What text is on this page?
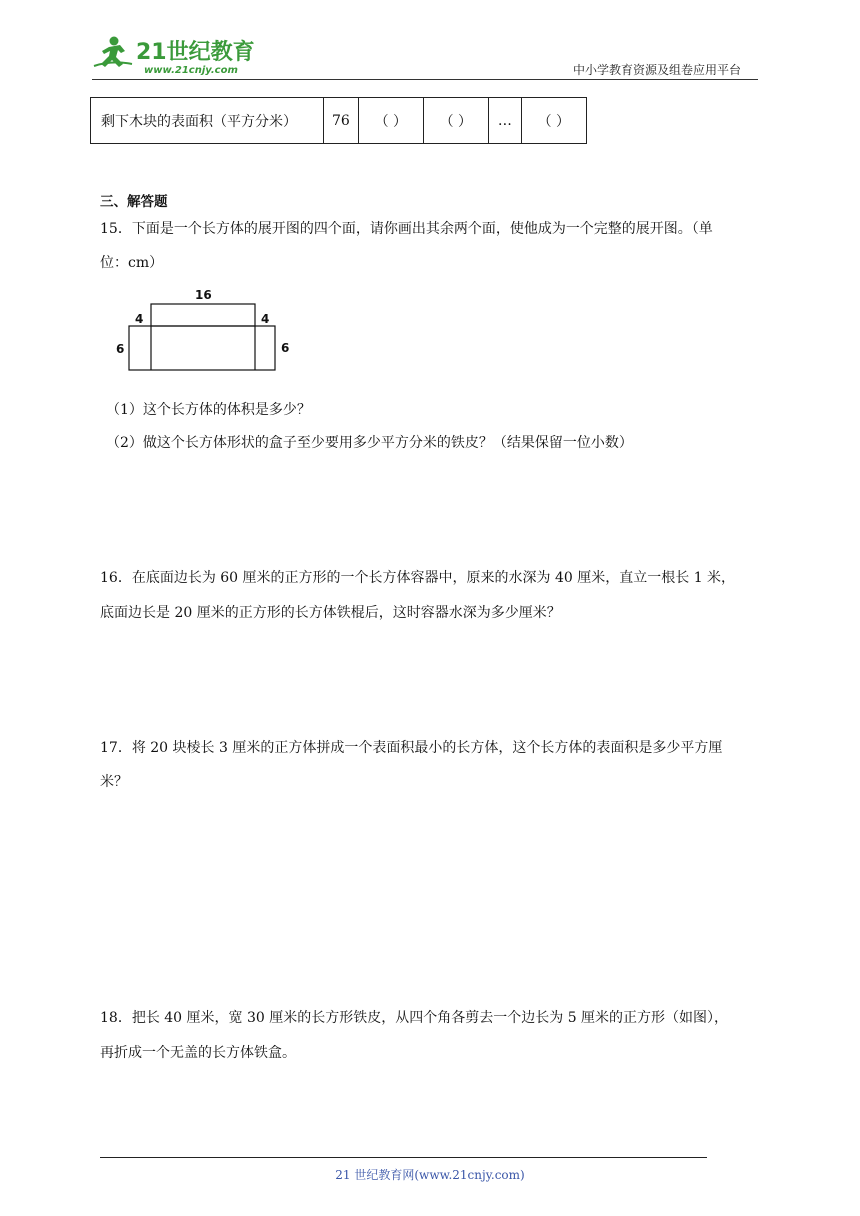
21世纪教育
www.21cnjy.com	中小学教育资源及组卷应用平台
剩下木块的表面积（平方分米）	76	（ ）	（ ）	…	（ ）
三、解答题
15．下面是一个长方体的展开图的四个面，请你画出其余两个面，使他成为一个完整的展开图。（单
位：cm）
16
4	4
6	6
（1）这个长方体的体积是多少？
（2）做这个长方体形状的盒子至少要用多少平方分米的铁皮？（结果保留一位小数）
16．在底面边长为 60 厘米的正方形的一个长方体容器中，原来的水深为 40 厘米，直立一根长 1 米，
底面边长是 20 厘米的正方形的长方体铁棍后，这时容器水深为多少厘米？
17．将 20 块棱长 3 厘米的正方体拼成一个表面积最小的长方体，这个长方体的表面积是多少平方厘
米？
18．把长 40 厘米，宽 30 厘米的长方形铁皮，从四个角各剪去一个边长为 5 厘米的正方形（如图），
再折成一个无盖的长方体铁盒。
21 世纪教育网(www.21cnjy.com)
